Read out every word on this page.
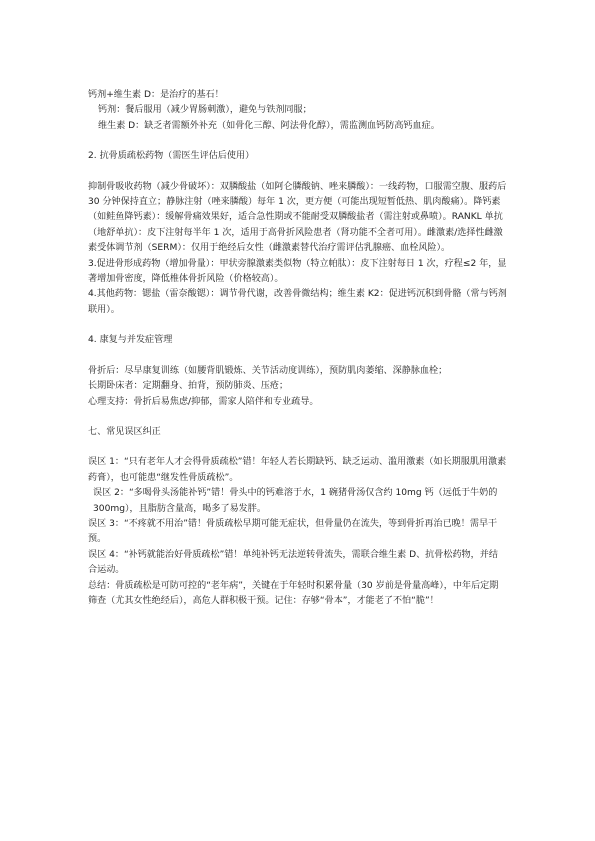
钙剂+维生素 D：是治疗的基石！

钙剂：餐后服用（减少胃肠刺激），避免与铁剂同服；

维生素 D：缺乏者需额外补充（如骨化三醇、阿法骨化醇），需监测血钙防高钙血症。

2. 抗骨质疏松药物（需医生评估后使用）

抑制骨吸收药物（减少骨破坏）：双膦酸盐（如阿仑膦酸钠、唑来膦酸）：一线药物，口服需空腹、服药后 30 分钟保持直立；静脉注射（唑来膦酸）每年 1 次，更方便（可能出现短暂低热、肌肉酸痛）。降钙素（如鲑鱼降钙素）：缓解骨痛效果好，适合急性期或不能耐受双膦酸盐者（需注射或鼻喷）。RANKL 单抗（地舒单抗）：皮下注射每半年 1 次，适用于高骨折风险患者（肾功能不全者可用）。雌激素/选择性雌激素受体调节剂（SERM）：仅用于绝经后女性（雌激素替代治疗需评估乳腺癌、血栓风险）。

3.促进骨形成药物（增加骨量）：甲状旁腺激素类似物（特立帕肽）：皮下注射每日 1 次，疗程≤2 年，显著增加骨密度，降低椎体骨折风险（价格较高）。

4.其他药物：锶盐（雷奈酸锶）：调节骨代谢，改善骨微结构；维生素 K2：促进钙沉积到骨骼（常与钙剂联用）。

4. 康复与并发症管理

骨折后：尽早康复训练（如腰背肌锻炼、关节活动度训练），预防肌肉萎缩、深静脉血栓；

长期卧床者：定期翻身、拍背，预防肺炎、压疮；

心理支持：骨折后易焦虑/抑郁，需家人陪伴和专业疏导。

七、常见误区纠正

误区 1：“只有老年人才会得骨质疏松”错！年轻人若长期缺钙、缺乏运动、滥用激素（如长期服肌用激素药膏），也可能患“继发性骨质疏松”。

误区 2：“多喝骨头汤能补钙”错！骨头中的钙难溶于水，1 碗猪骨汤仅含约 10mg 钙（远低于牛奶的 300mg），且脂肪含量高，喝多了易发胖。

误区 3：“不疼就不用治”错！骨质疏松早期可能无症状，但骨量仍在流失，等到骨折再治已晚！需早干预。

误区 4：“补钙就能治好骨质疏松”错！单纯补钙无法逆转骨流失，需联合维生素 D、抗骨松药物，并结合运动。

总结：骨质疏松是可防可控的“老年病”，关键在于年轻时积累骨量（30 岁前是骨量高峰），中年后定期筛查（尤其女性绝经后），高危人群积极干预。记住：存够“骨本”，才能老了不怕“脆”！
